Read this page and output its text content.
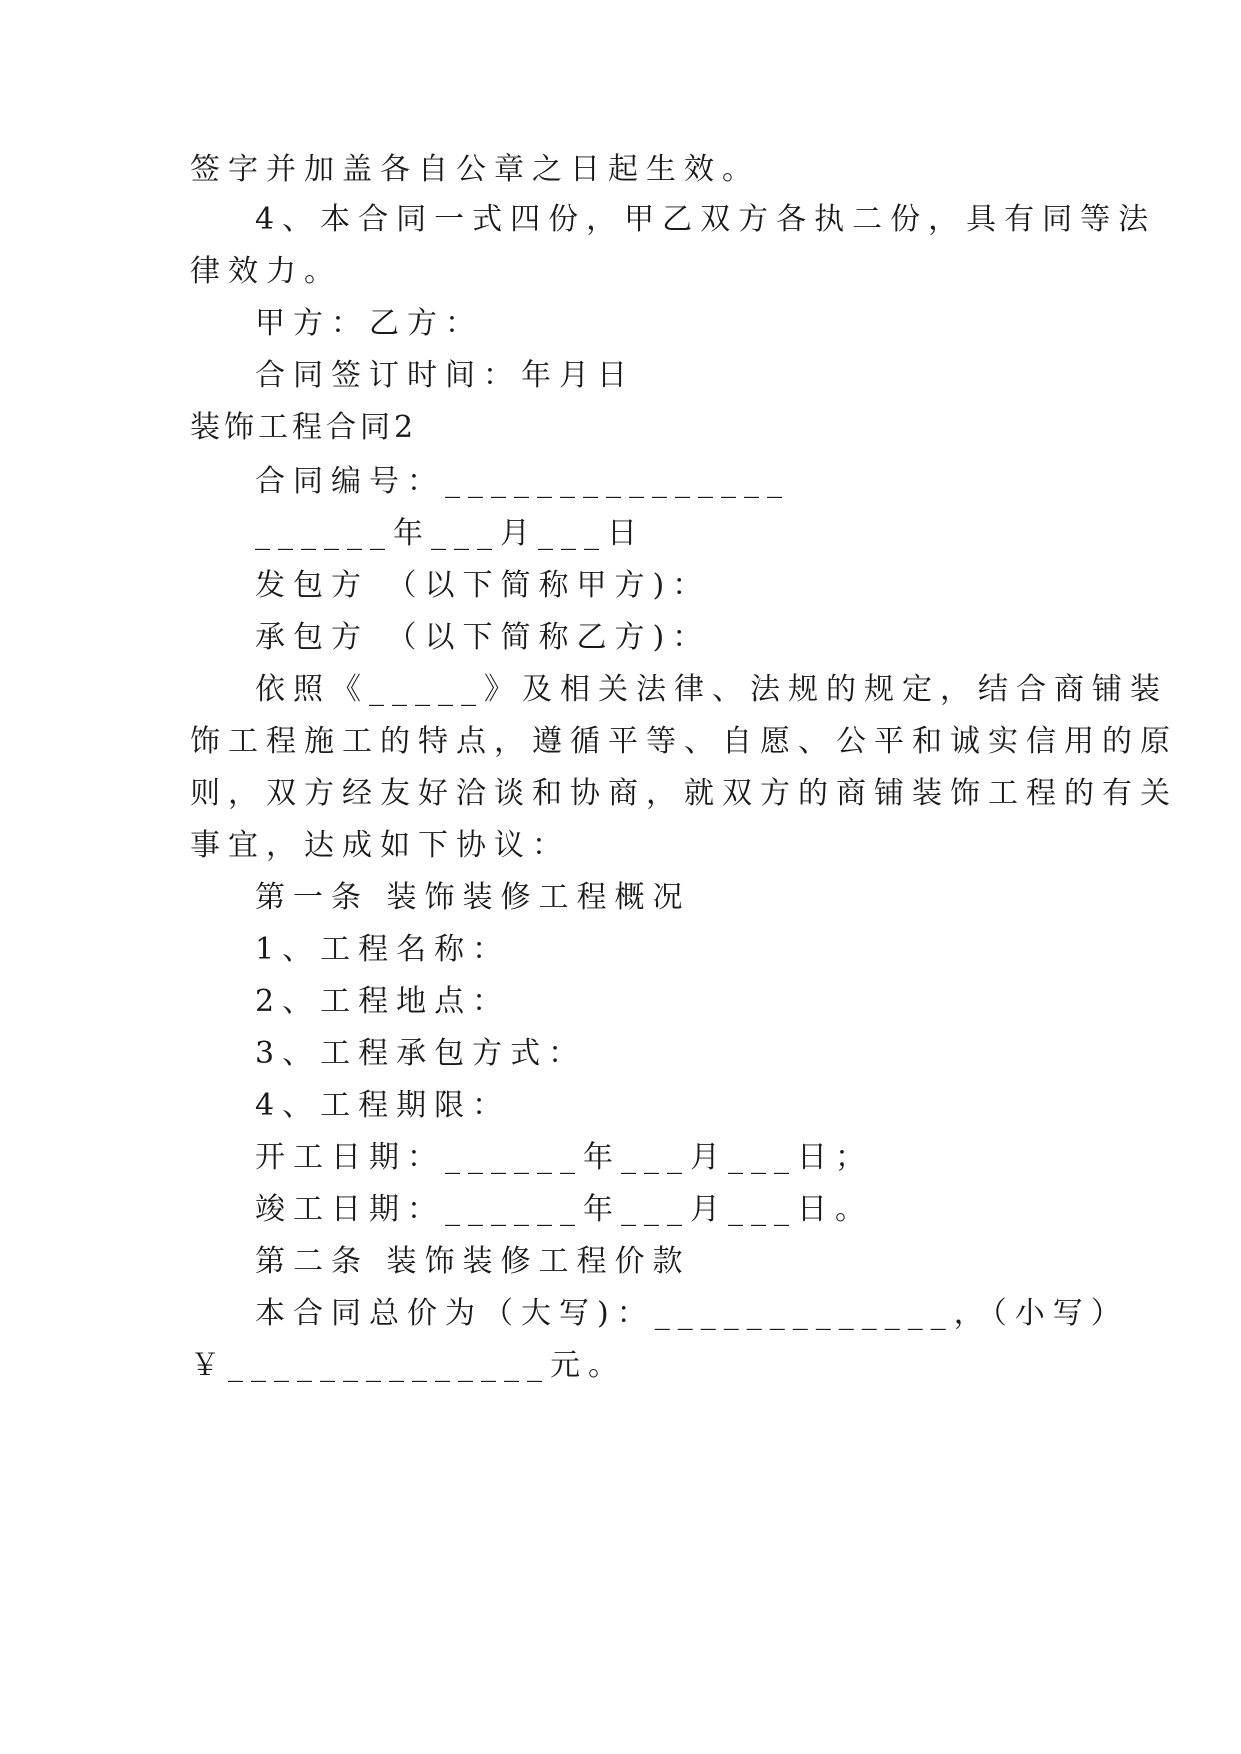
签字并加盖各自公章之日起生效。
4、本合同一式四份，甲乙双方各执二份，具有同等法
律效力。
甲方：乙方：
合同签订时间：年月日
装饰工程合同2
合同编号：_______________
______年___月___日
发包方 （以下简称甲方)：
承包方 （以下简称乙方)：
依照《_____》及相关法律、法规的规定，结合商铺装
饰工程施工的特点，遵循平等、自愿、公平和诚实信用的原
则，双方经友好洽谈和协商，就双方的商铺装饰工程的有关
事宜，达成如下协议：
第一条 装饰装修工程概况
1、工程名称：
2、工程地点：
3、工程承包方式：
4、工程期限：
开工日期：______年___月___日；
竣工日期：______年___月___日。
第二条 装饰装修工程价款
本合同总价为（大写)：_____________，（小写）
￥______________元。
